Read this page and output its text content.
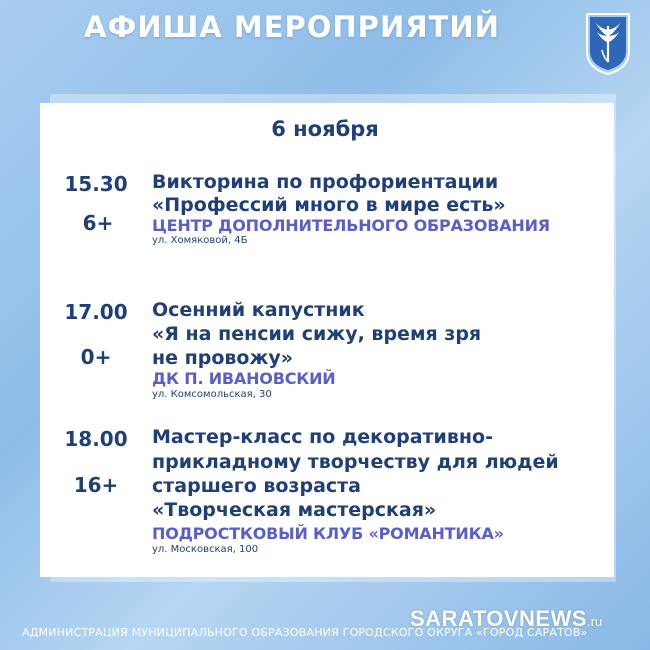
АФИША МЕРОПРИЯТИЙ
6 ноября
15.30
6+
Викторина по профориентации
«Профессий много в мире есть»
ЦЕНТР ДОПОЛНИТЕЛЬНОГО ОБРАЗОВАНИЯ
ул. Хомяковой, 4Б
17.00
0+
Осенний капустник
«Я на пенсии сижу, время зря
не провожу»
ДК П. ИВАНОВСКИЙ
ул. Комсомольская, 30
18.00
16+
Мастер-класс по декоративно-
прикладному творчеству для людей
старшего возраста
«Творческая мастерская»
ПОДРОСТКОВЫЙ КЛУБ «РОМАНТИКА»
ул. Московская, 100
АДМИНИСТРАЦИЯ МУНИЦИПАЛЬНОГО ОБРАЗОВАНИЯ ГОРОДСКОГО ОКРУГА «ГОРОД САРАТОВ»
SARATOVNEWS.ru
